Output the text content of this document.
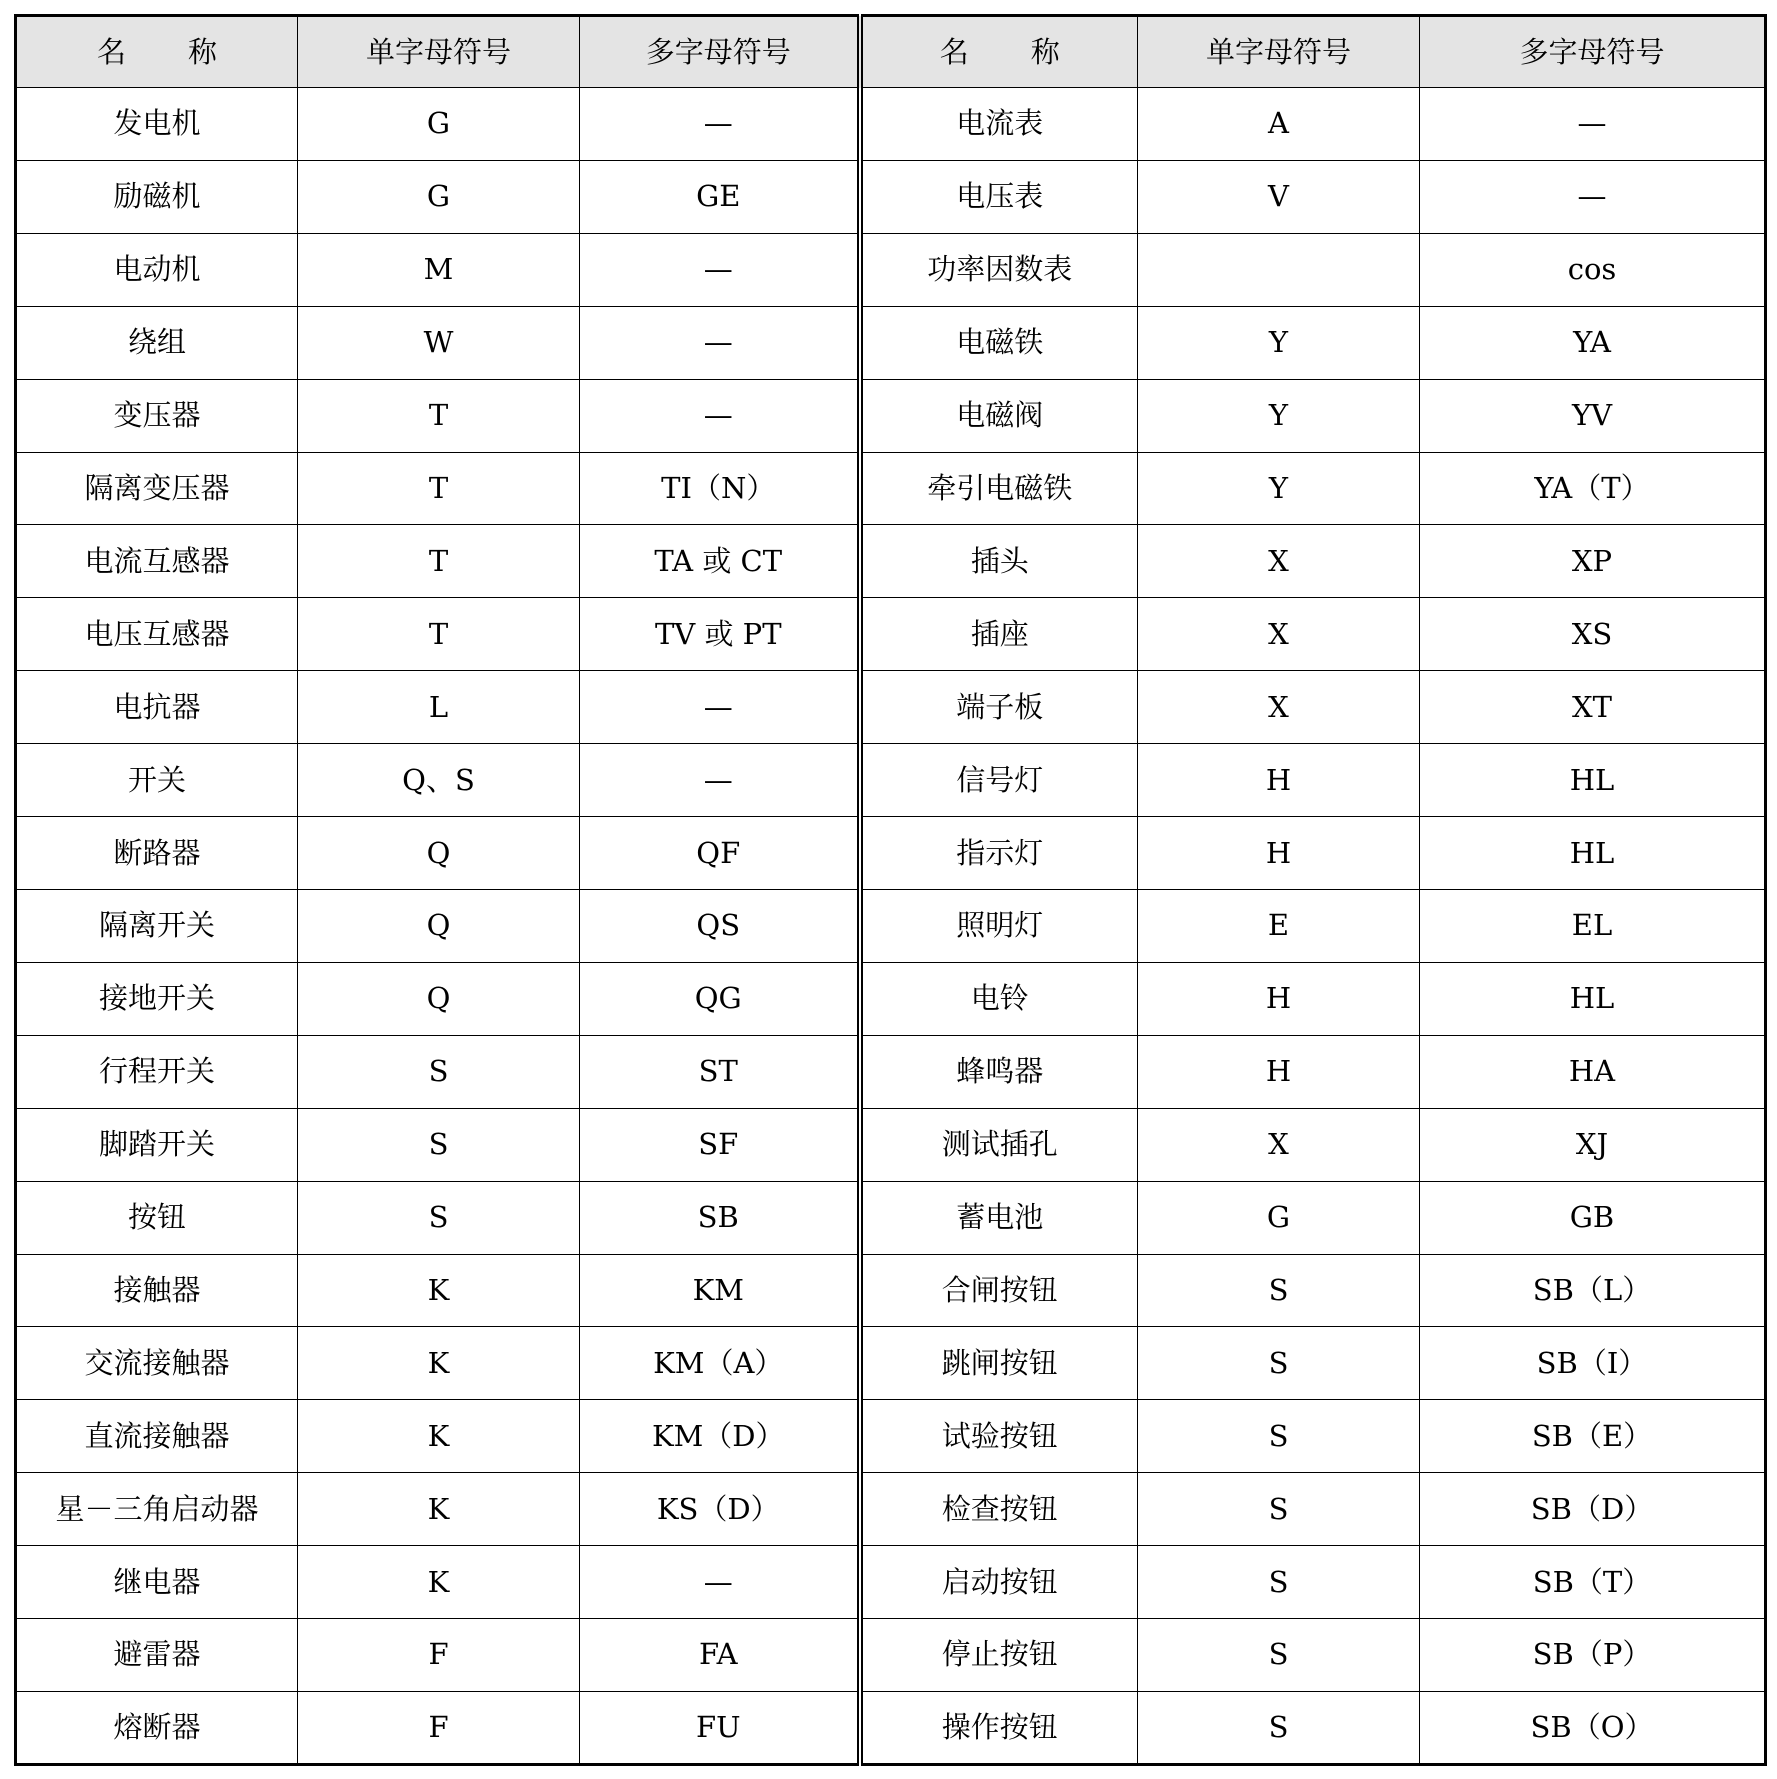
名 称	单字母符号	多字母符号	名 称	单字母符号	多字母符号
发电机	G	—	电流表	A	—
励磁机	G	GE	电压表	V	—
电动机	M	—	功率因数表		cos
绕组	W	—	电磁铁	Y	YA
变压器	T	—	电磁阀	Y	YV
隔离变压器	T	TI（N）	牵引电磁铁	Y	YA（T）
电流互感器	T	TA 或 CT	插头	X	XP
电压互感器	T	TV 或 PT	插座	X	XS
电抗器	L	—	端子板	X	XT
开关	Q、S	—	信号灯	H	HL
断路器	Q	QF	指示灯	H	HL
隔离开关	Q	QS	照明灯	E	EL
接地开关	Q	QG	电铃	H	HL
行程开关	S	ST	蜂鸣器	H	HA
脚踏开关	S	SF	测试插孔	X	XJ
按钮	S	SB	蓄电池	G	GB
接触器	K	KM	合闸按钮	S	SB（L）
交流接触器	K	KM（A）	跳闸按钮	S	SB（I）
直流接触器	K	KM（D）	试验按钮	S	SB（E）
星－三角启动器	K	KS（D）	检查按钮	S	SB（D）
继电器	K	—	启动按钮	S	SB（T）
避雷器	F	FA	停止按钮	S	SB（P）
熔断器	F	FU	操作按钮	S	SB（O）
